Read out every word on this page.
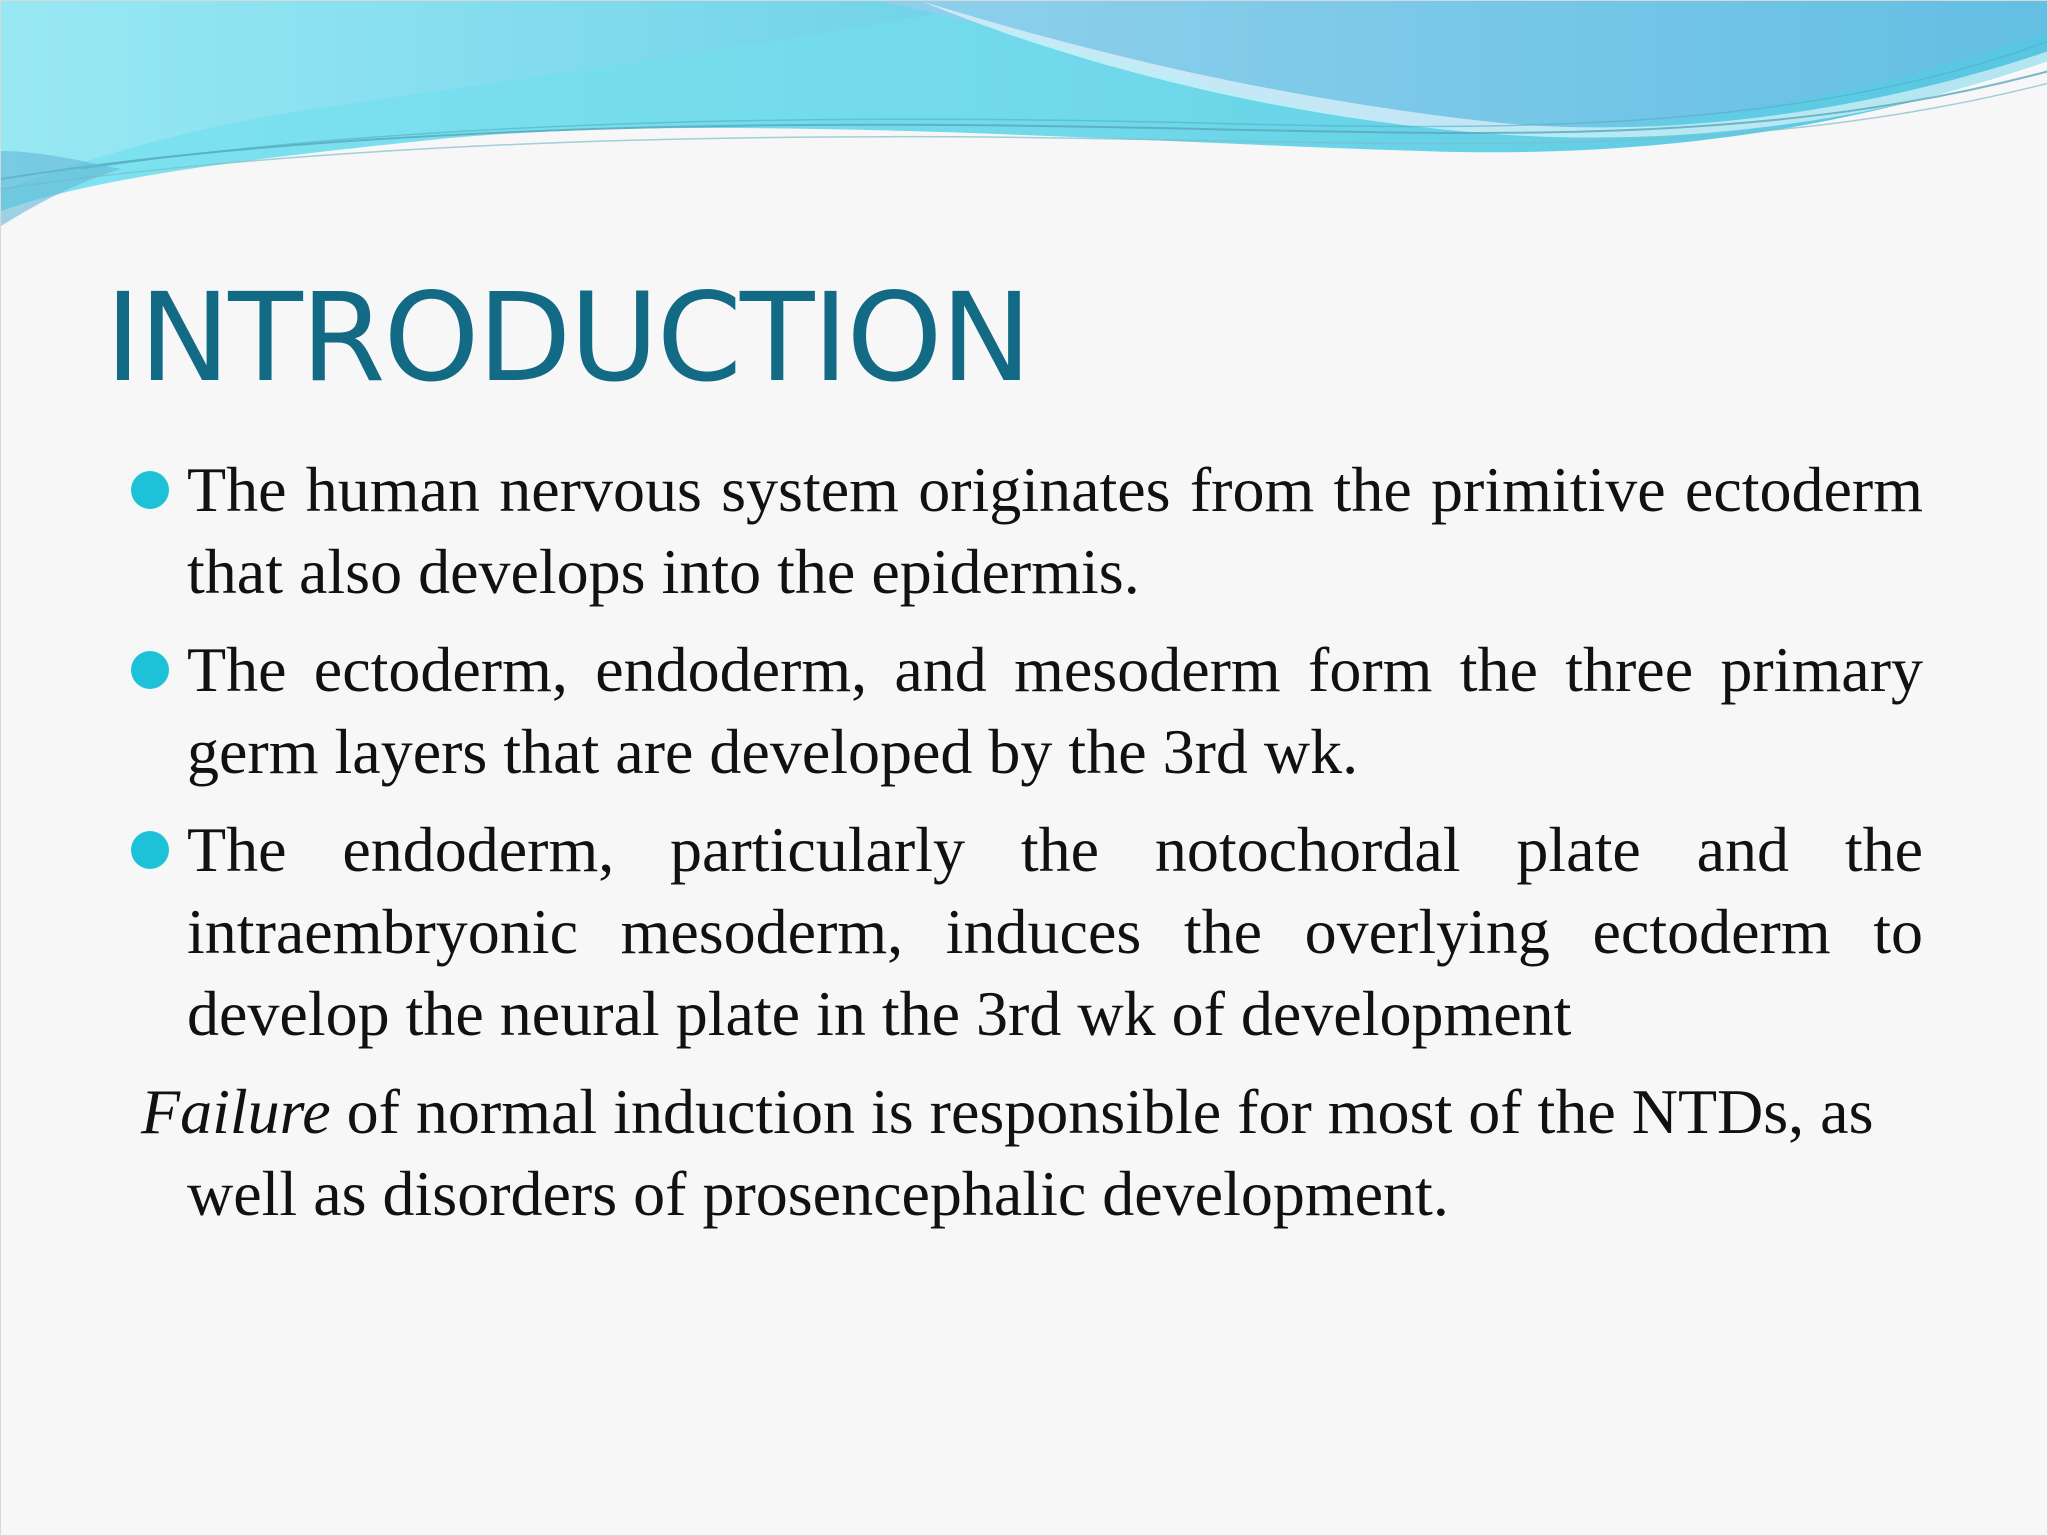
INTRODUCTION
The human nervous system originates from the primitive ectoderm that also develops into the epidermis.
The ectoderm, endoderm, and mesoderm form the three primary germ layers that are developed by the 3rd wk.
The endoderm, particularly the notochordal plate and the intraembryonic mesoderm, induces the overlying ectoderm to develop the neural plate in the 3rd wk of development
Failure of normal induction is responsible for most of the NTDs, as well as disorders of prosencephalic development.
